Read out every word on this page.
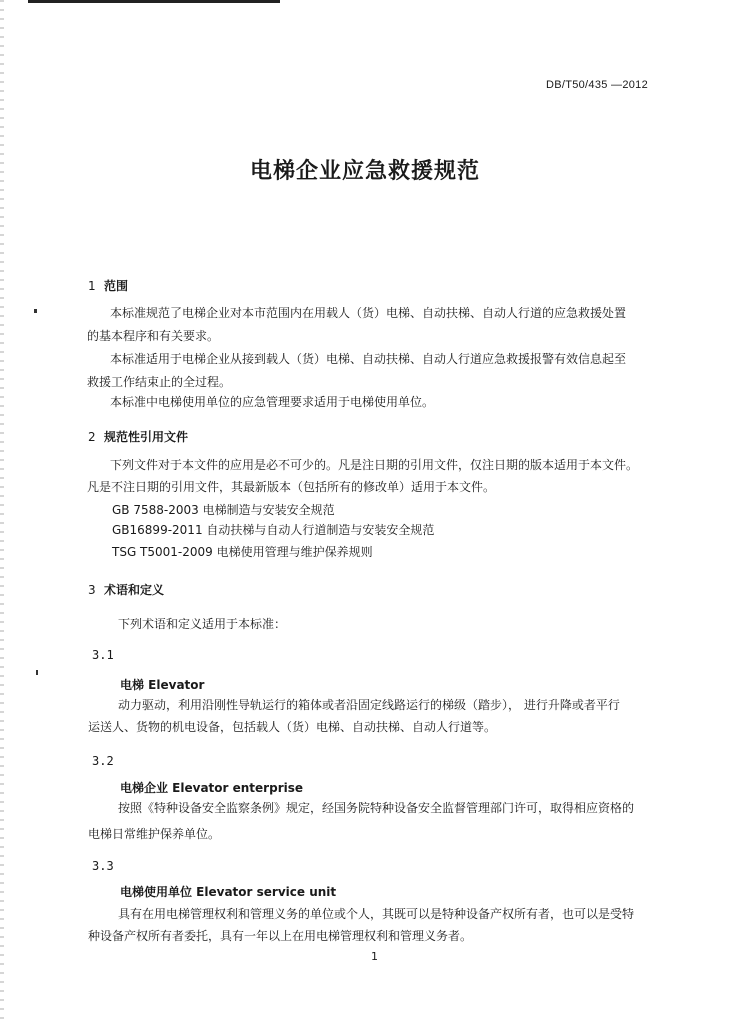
DB/T50/435 —2012
电梯企业应急救援规范
1 范围
本标准规范了电梯企业对本市范围内在用载人（货）电梯、自动扶梯、自动人行道的应急救援处置
的基本程序和有关要求。
本标准适用于电梯企业从接到载人（货）电梯、自动扶梯、自动人行道应急救援报警有效信息起至
救援工作结束止的全过程。
本标准中电梯使用单位的应急管理要求适用于电梯使用单位。
2 规范性引用文件
下列文件对于本文件的应用是必不可少的。凡是注日期的引用文件，仅注日期的版本适用于本文件。
凡是不注日期的引用文件，其最新版本（包括所有的修改单）适用于本文件。
GB 7588-2003 电梯制造与安装安全规范
GB16899-2011 自动扶梯与自动人行道制造与安装安全规范
TSG T5001-2009 电梯使用管理与维护保养规则
3 术语和定义
下列术语和定义适用于本标准：
3.1
电梯 Elevator
动力驱动，利用沿刚性导轨运行的箱体或者沿固定线路运行的梯级（踏步）， 进行升降或者平行
运送人、货物的机电设备，包括载人（货）电梯、自动扶梯、自动人行道等。
3.2
电梯企业 Elevator enterprise
按照《特种设备安全监察条例》规定，经国务院特种设备安全监督管理部门许可，取得相应资格的
电梯日常维护保养单位。
3.3
电梯使用单位 Elevator service unit
具有在用电梯管理权利和管理义务的单位或个人，其既可以是特种设备产权所有者，也可以是受特
种设备产权所有者委托，具有一年以上在用电梯管理权利和管理义务者。
1
